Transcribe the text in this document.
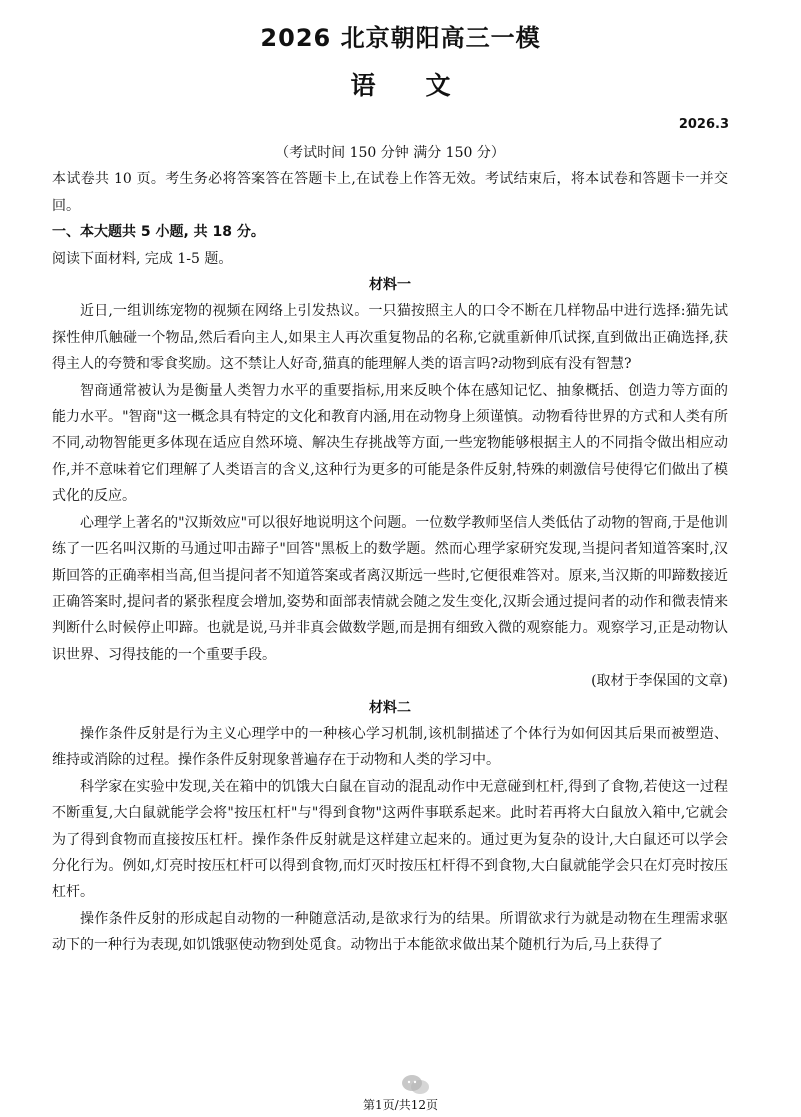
2026 北京朝阳高三一模
语文
2026.3

（考试时间 150 分钟 满分 150 分）

本试卷共 10 页。考生务必将答案答在答题卡上,在试卷上作答无效。考试结束后，将本试卷和答题卡一并交回。

一、本大题共 5 小题, 共 18 分。

阅读下面材料, 完成 1-5 题。

材料一

近日,一组训练宠物的视频在网络上引发热议。一只猫按照主人的口令不断在几样物品中进行选择:猫先试探性伸爪触碰一个物品,然后看向主人,如果主人再次重复物品的名称,它就重新伸爪试探,直到做出正确选择,获得主人的夸赞和零食奖励。这不禁让人好奇,猫真的能理解人类的语言吗?动物到底有没有智慧?

智商通常被认为是衡量人类智力水平的重要指标,用来反映个体在感知记忆、抽象概括、创造力等方面的能力水平。"智商"这一概念具有特定的文化和教育内涵,用在动物身上须谨慎。动物看待世界的方式和人类有所不同,动物智能更多体现在适应自然环境、解决生存挑战等方面,一些宠物能够根据主人的不同指令做出相应动作,并不意味着它们理解了人类语言的含义,这种行为更多的可能是条件反射,特殊的刺激信号使得它们做出了模式化的反应。

心理学上著名的"汉斯效应"可以很好地说明这个问题。一位数学教师坚信人类低估了动物的智商,于是他训练了一匹名叫汉斯的马通过叩击蹄子"回答"黑板上的数学题。然而心理学家研究发现,当提问者知道答案时,汉斯回答的正确率相当高,但当提问者不知道答案或者离汉斯远一些时,它便很难答对。原来,当汉斯的叩蹄数接近正确答案时,提问者的紧张程度会增加,姿势和面部表情就会随之发生变化,汉斯会通过提问者的动作和微表情来判断什么时候停止叩蹄。也就是说,马并非真会做数学题,而是拥有细致入微的观察能力。观察学习,正是动物认识世界、习得技能的一个重要手段。

(取材于李保国的文章)

材料二

操作条件反射是行为主义心理学中的一种核心学习机制,该机制描述了个体行为如何因其后果而被塑造、维持或消除的过程。操作条件反射现象普遍存在于动物和人类的学习中。

科学家在实验中发现,关在箱中的饥饿大白鼠在盲动的混乱动作中无意碰到杠杆,得到了食物,若使这一过程不断重复,大白鼠就能学会将"按压杠杆"与"得到食物"这两件事联系起来。此时若再将大白鼠放入箱中,它就会为了得到食物而直接按压杠杆。操作条件反射就是这样建立起来的。通过更为复杂的设计,大白鼠还可以学会分化行为。例如,灯亮时按压杠杆可以得到食物,而灯灭时按压杠杆得不到食物,大白鼠就能学会只在灯亮时按压杠杆。

操作条件反射的形成起自动物的一种随意活动,是欲求行为的结果。所谓欲求行为就是动物在生理需求驱动下的一种行为表现,如饥饿驱使动物到处觅食。动物出于本能欲求做出某个随机行为后,马上获得了

第1页/共12页
